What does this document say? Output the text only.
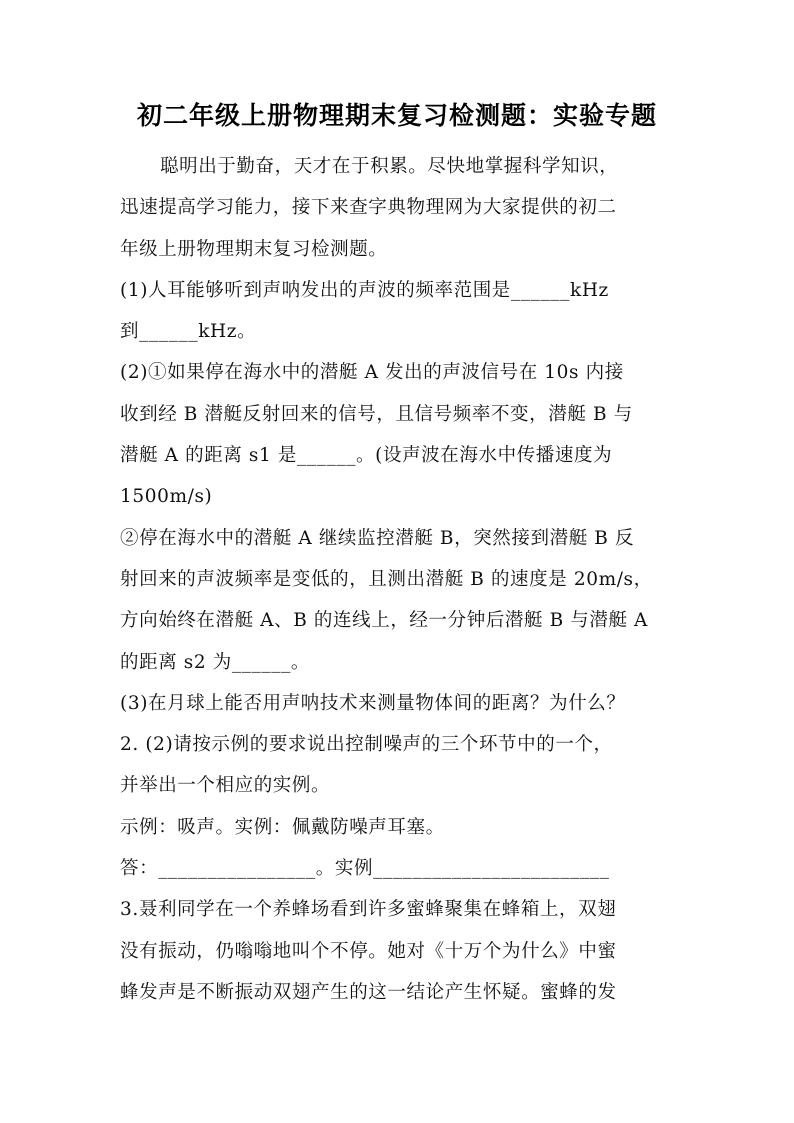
初二年级上册物理期末复习检测题：实验专题
聪明出于勤奋，天才在于积累。尽快地掌握科学知识，
迅速提高学习能力，接下来查字典物理网为大家提供的初二
年级上册物理期末复习检测题。
(1)人耳能够听到声呐发出的声波的频率范围是______kHz
到______kHz。
(2)①如果停在海水中的潜艇 A 发出的声波信号在 10s 内接
收到经 B 潜艇反射回来的信号，且信号频率不变，潜艇 B 与
潜艇 A 的距离 s1 是______。(设声波在海水中传播速度为
1500m/s)
②停在海水中的潜艇 A 继续监控潜艇 B，突然接到潜艇 B 反
射回来的声波频率是变低的，且测出潜艇 B 的速度是 20m/s，
方向始终在潜艇 A、B 的连线上，经一分钟后潜艇 B 与潜艇 A
的距离 s2 为______。
(3)在月球上能否用声呐技术来测量物体间的距离？为什么？
2. (2)请按示例的要求说出控制噪声的三个环节中的一个，
并举出一个相应的实例。
示例：吸声。实例：佩戴防噪声耳塞。
答：________________。实例________________________
3.聂利同学在一个养蜂场看到许多蜜蜂聚集在蜂箱上，双翅
没有振动，仍嗡嗡地叫个不停。她对《十万个为什么》中蜜
蜂发声是不断振动双翅产生的这一结论产生怀疑。蜜蜂的发
